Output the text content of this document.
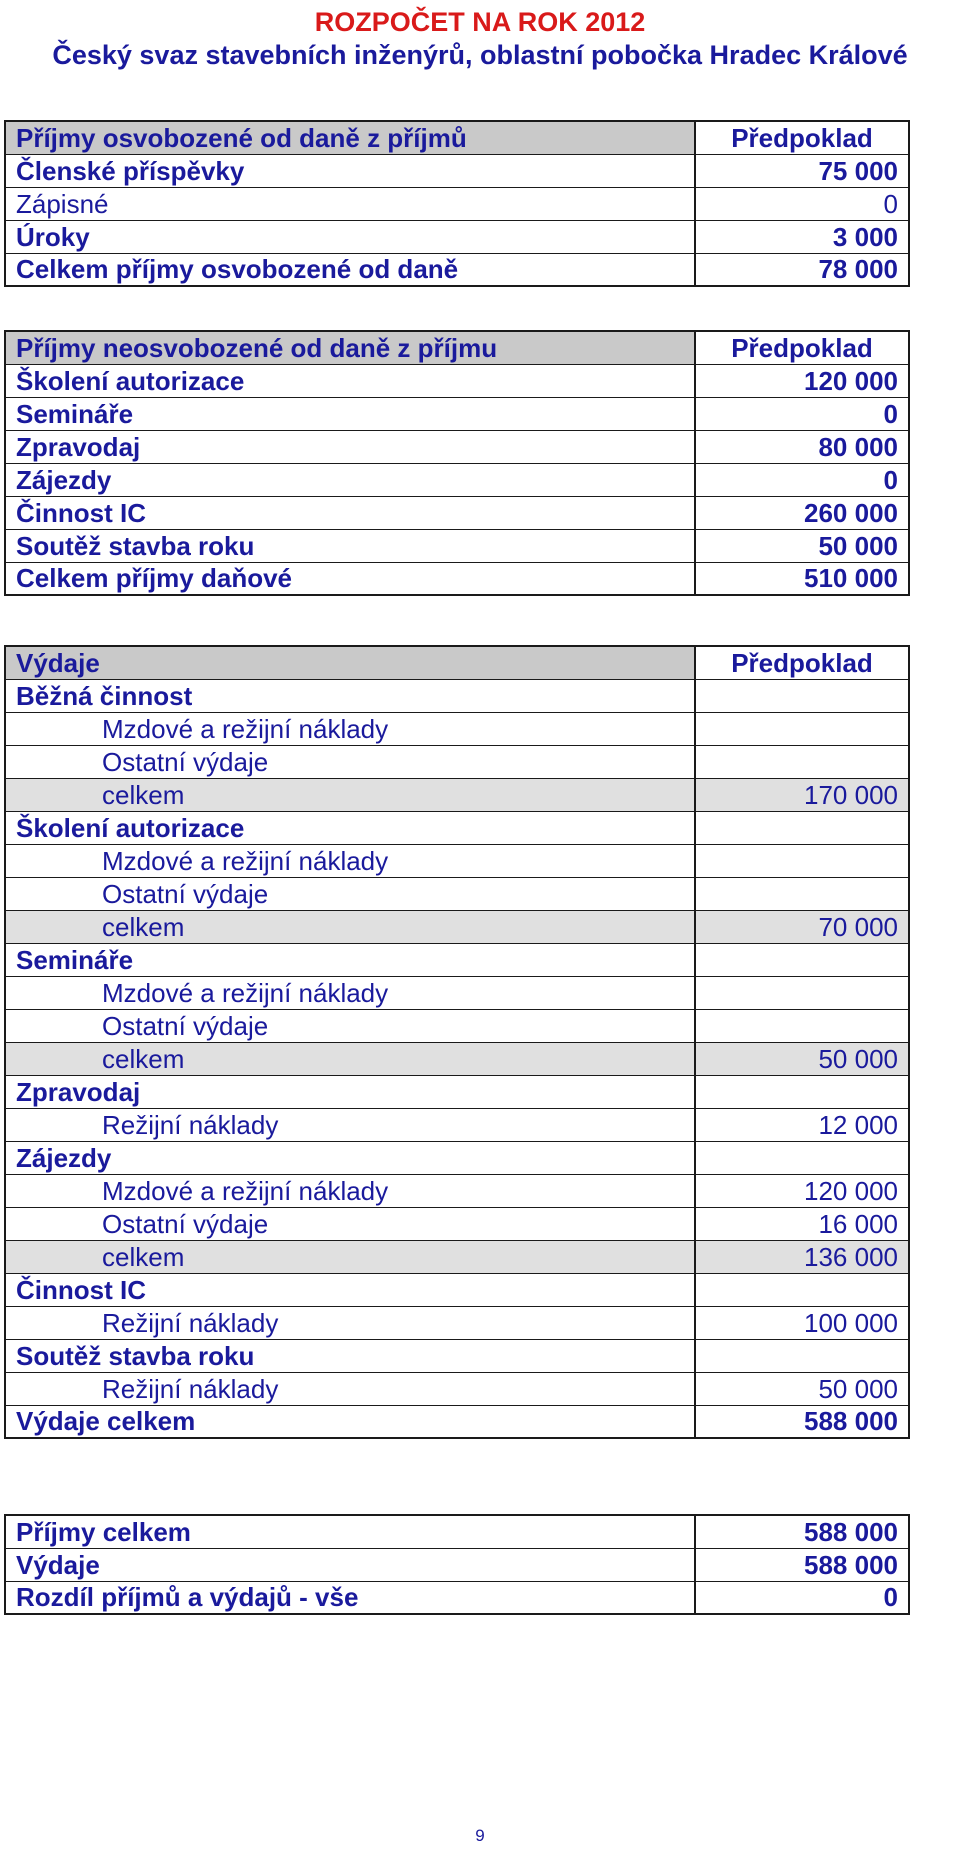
ROZPOČET NA ROK 2012
Český svaz stavebních inženýrů, oblastní pobočka Hradec Králové
Příjmy osvobozené od daně z příjmů	Předpoklad
Členské příspěvky	75 000
Zápisné	0
Úroky	3 000
Celkem příjmy osvobozené od daně	78 000
Příjmy neosvobozené od daně z příjmu	Předpoklad
Školení autorizace	120 000
Semináře	0
Zpravodaj	80 000
Zájezdy	0
Činnost IC	260 000
Soutěž stavba roku	50 000
Celkem příjmy daňové	510 000
Výdaje	Předpoklad
Běžná činnost	
Mzdové a režijní náklady	
Ostatní výdaje	
celkem	170 000
Školení autorizace	
Mzdové a režijní náklady	
Ostatní výdaje	
celkem	70 000
Semináře	
Mzdové a režijní náklady	
Ostatní výdaje	
celkem	50 000
Zpravodaj	
Režijní náklady	12 000
Zájezdy	
Mzdové a režijní náklady	120 000
Ostatní výdaje	16 000
celkem	136 000
Činnost IC	
Režijní náklady	100 000
Soutěž stavba roku	
Režijní náklady	50 000
Výdaje celkem	588 000
Příjmy celkem	588 000
Výdaje	588 000
Rozdíl příjmů a výdajů - vše	0
9
